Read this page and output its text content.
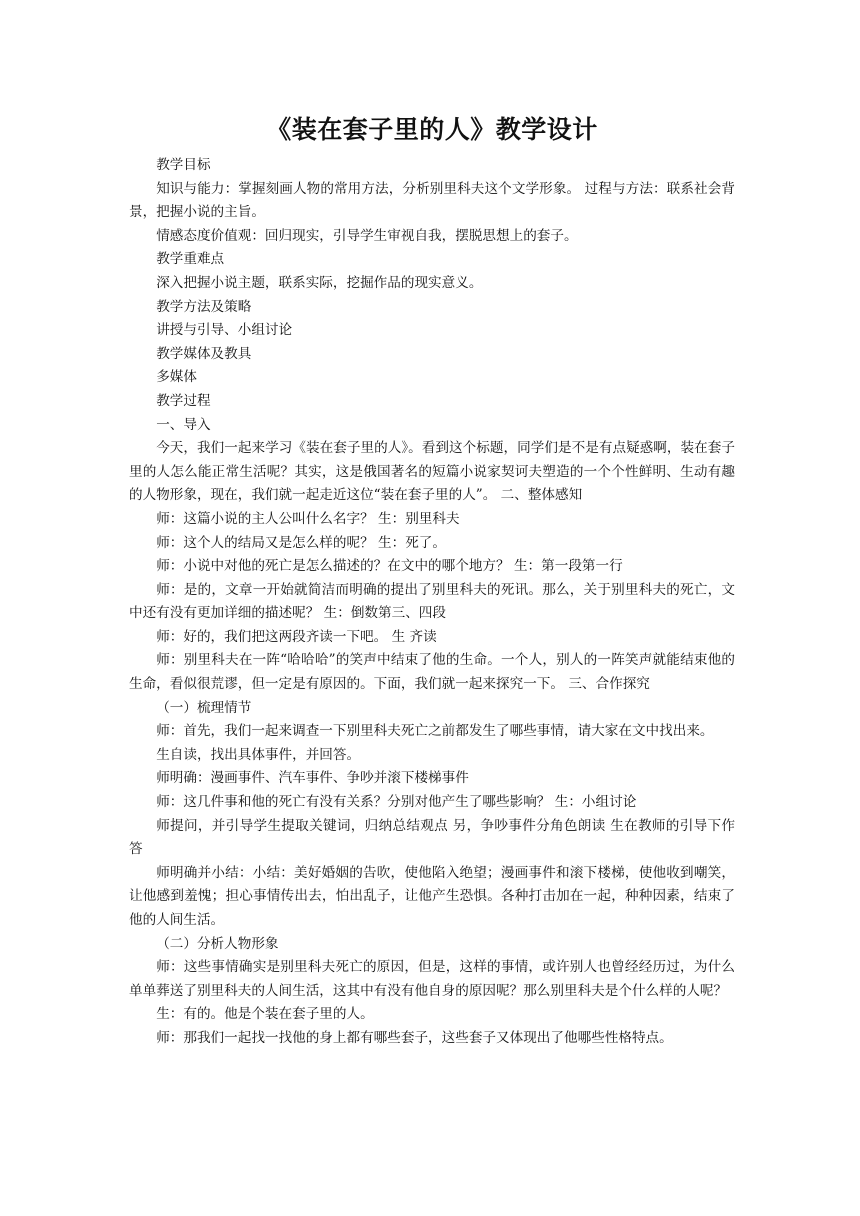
《装在套子里的人》教学设计

教学目标

知识与能力：掌握刻画人物的常用方法，分析别里科夫这个文学形象。 过程与方法：联系社会背景，把握小说的主旨。

情感态度价值观：回归现实，引导学生审视自我，摆脱思想上的套子。

教学重难点

深入把握小说主题，联系实际，挖掘作品的现实意义。

教学方法及策略

讲授与引导、小组讨论

教学媒体及教具

多媒体

教学过程

一、导入

今天，我们一起来学习《装在套子里的人》。看到这个标题，同学们是不是有点疑惑啊，装在套子里的人怎么能正常生活呢？其实，这是俄国著名的短篇小说家契诃夫塑造的一个个性鲜明、生动有趣的人物形象，现在，我们就一起走近这位“装在套子里的人”。 二、整体感知

师：这篇小说的主人公叫什么名字？ 生：别里科夫

师：这个人的结局又是怎么样的呢？ 生：死了。

师：小说中对他的死亡是怎么描述的？在文中的哪个地方？ 生：第一段第一行

师：是的，文章一开始就简洁而明确的提出了别里科夫的死讯。那么，关于别里科夫的死亡，文中还有没有更加详细的描述呢？ 生：倒数第三、四段

师：好的，我们把这两段齐读一下吧。 生 齐读

师：别里科夫在一阵“哈哈哈”的笑声中结束了他的生命。一个人，别人的一阵笑声就能结束他的生命，看似很荒谬，但一定是有原因的。下面，我们就一起来探究一下。 三、合作探究

（一）梳理情节

师：首先，我们一起来调查一下别里科夫死亡之前都发生了哪些事情，请大家在文中找出来。

生自读，找出具体事件，并回答。

师明确：漫画事件、汽车事件、争吵并滚下楼梯事件

师：这几件事和他的死亡有没有关系？分别对他产生了哪些影响？ 生：小组讨论

师提问，并引导学生提取关键词，归纳总结观点 另，争吵事件分角色朗读 生在教师的引导下作答

师明确并小结：小结：美好婚姻的告吹，使他陷入绝望；漫画事件和滚下楼梯，使他收到嘲笑，让他感到羞愧；担心事情传出去，怕出乱子，让他产生恐惧。各种打击加在一起，种种因素，结束了他的人间生活。

（二）分析人物形象

师：这些事情确实是别里科夫死亡的原因，但是，这样的事情，或许别人也曾经经历过，为什么单单葬送了别里科夫的人间生活，这其中有没有他自身的原因呢？那么别里科夫是个什么样的人呢？

生：有的。他是个装在套子里的人。

师：那我们一起找一找他的身上都有哪些套子，这些套子又体现出了他哪些性格特点。
